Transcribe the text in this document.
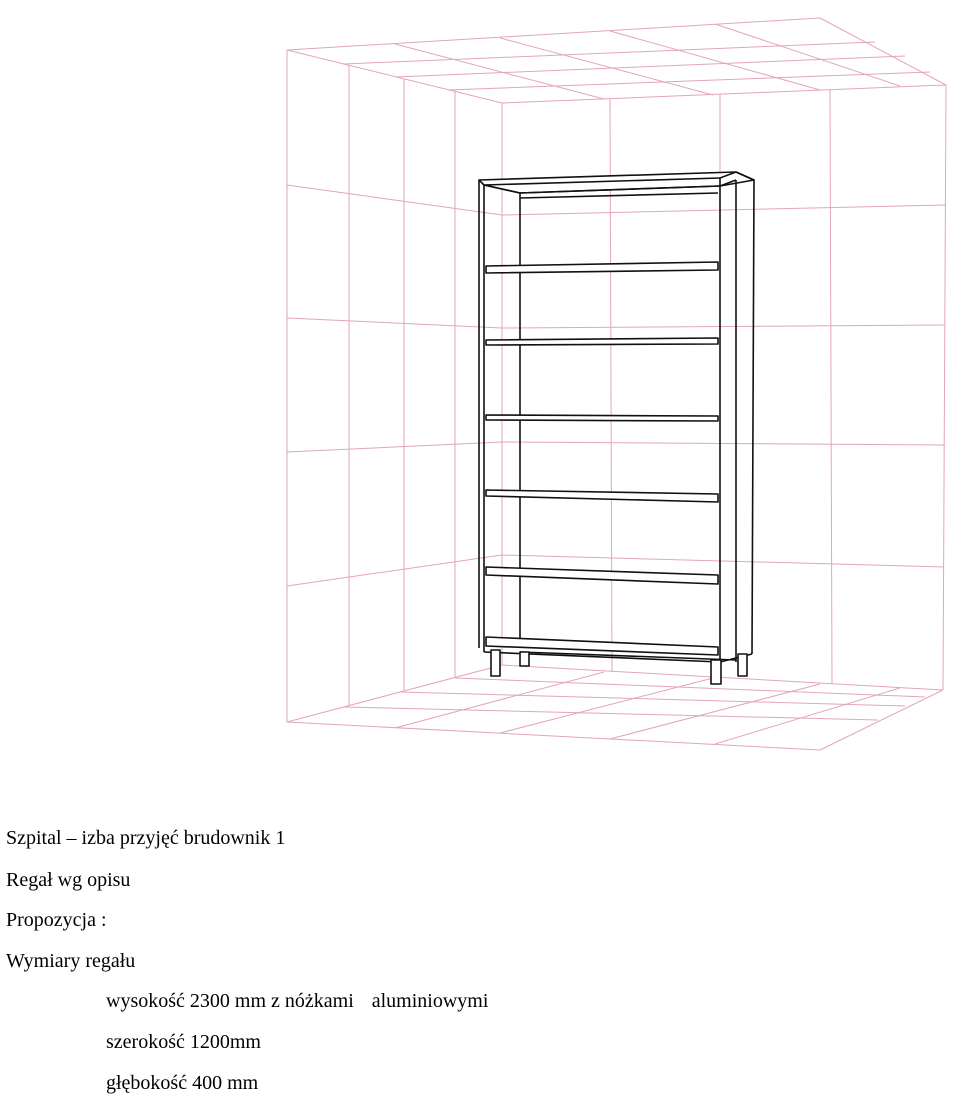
Szpital – izba przyjęć brudownik 1
Regał wg opisu
Propozycja :
Wymiary regału
wysokość 2300 mm z nóżkami aluminiowymi
szerokość 1200mm
głębokość 400 mm
